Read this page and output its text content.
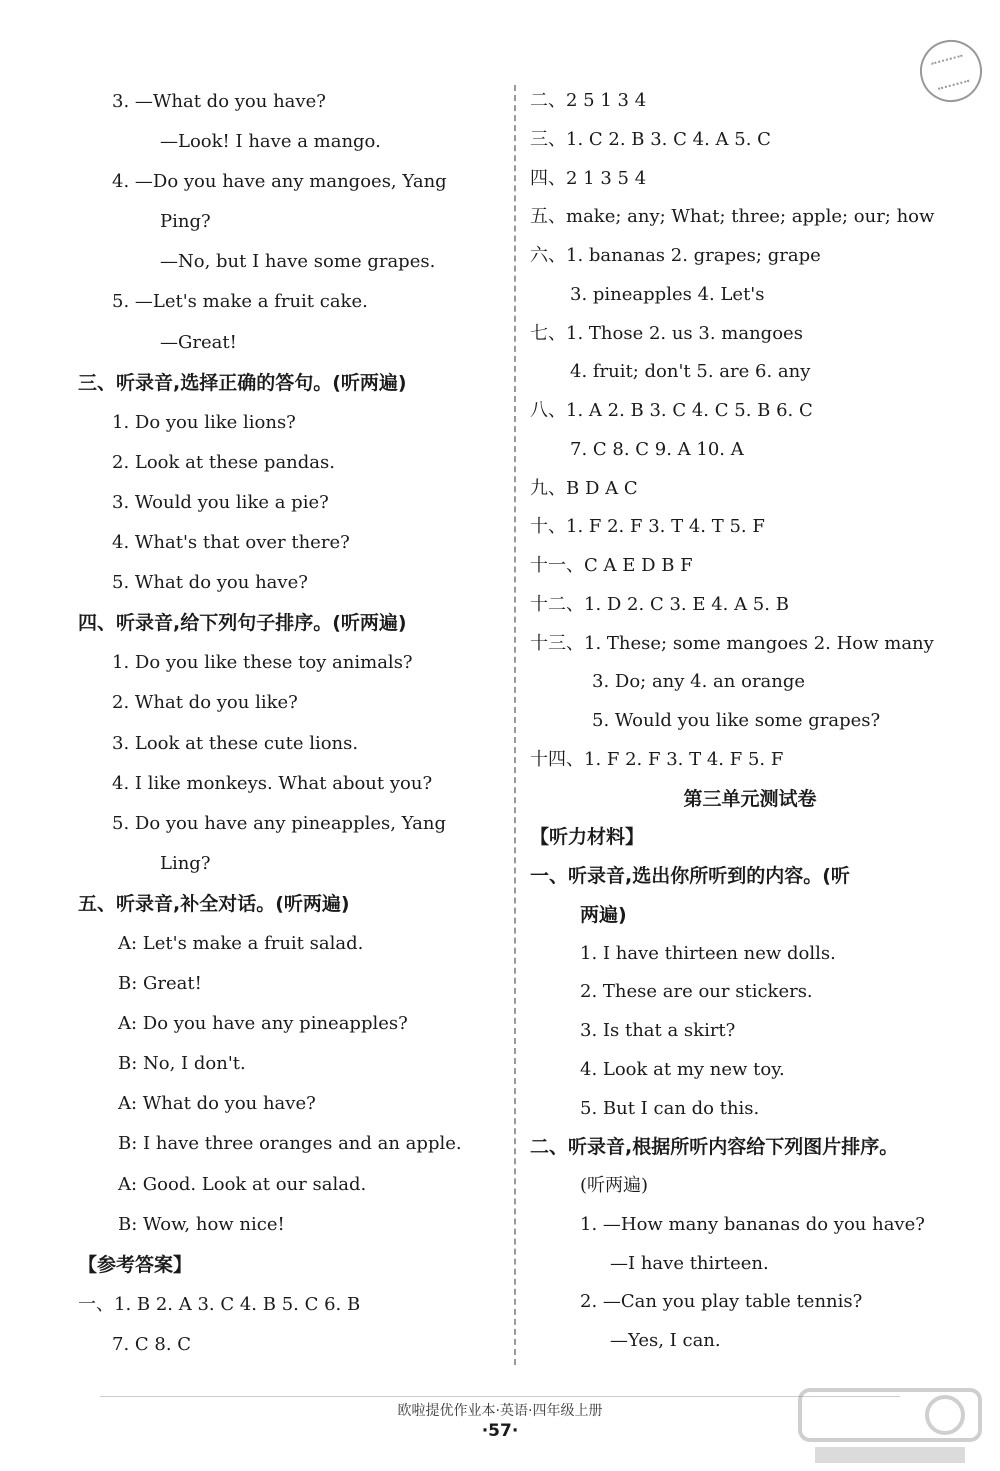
3. —What do you have?
—Look! I have a mango.
4. —Do you have any mangoes, Yang
Ping?
—No, but I have some grapes.
5. —Let's make a fruit cake.
—Great!
三、听录音,选择正确的答句。(听两遍)
1. Do you like lions?
2. Look at these pandas.
3. Would you like a pie?
4. What's that over there?
5. What do you have?
四、听录音,给下列句子排序。(听两遍)
1. Do you like these toy animals?
2. What do you like?
3. Look at these cute lions.
4. I like monkeys. What about you?
5. Do you have any pineapples, Yang
Ling?
五、听录音,补全对话。(听两遍)
A: Let's make a fruit salad.
B: Great!
A: Do you have any pineapples?
B: No, I don't.
A: What do you have?
B: I have three oranges and an apple.
A: Good. Look at our salad.
B: Wow, how nice!
【参考答案】
一、1. B 2. A 3. C 4. B 5. C 6. B
7. C 8. C
二、2 5 1 3 4
三、1. C 2. B 3. C 4. A 5. C
四、2 1 3 5 4
五、make; any; What; three; apple; our; how
六、1. bananas 2. grapes; grape
3. pineapples 4. Let's
七、1. Those 2. us 3. mangoes
4. fruit; don't 5. are 6. any
八、1. A 2. B 3. C 4. C 5. B 6. C
7. C 8. C 9. A 10. A
九、B D A C
十、1. F 2. F 3. T 4. T 5. F
十一、C A E D B F
十二、1. D 2. C 3. E 4. A 5. B
十三、1. These; some mangoes 2. How many
3. Do; any 4. an orange
5. Would you like some grapes?
十四、1. F 2. F 3. T 4. F 5. F
第三单元测试卷
【听力材料】
一、听录音,选出你所听到的内容。(听
两遍)
1. I have thirteen new dolls.
2. These are our stickers.
3. Is that a skirt?
4. Look at my new toy.
5. But I can do this.
二、听录音,根据所听内容给下列图片排序。
(听两遍)
1. —How many bananas do you have?
—I have thirteen.
2. —Can you play table tennis?
—Yes, I can.
欧啦提优作业本·英语·四年级上册
·57·
